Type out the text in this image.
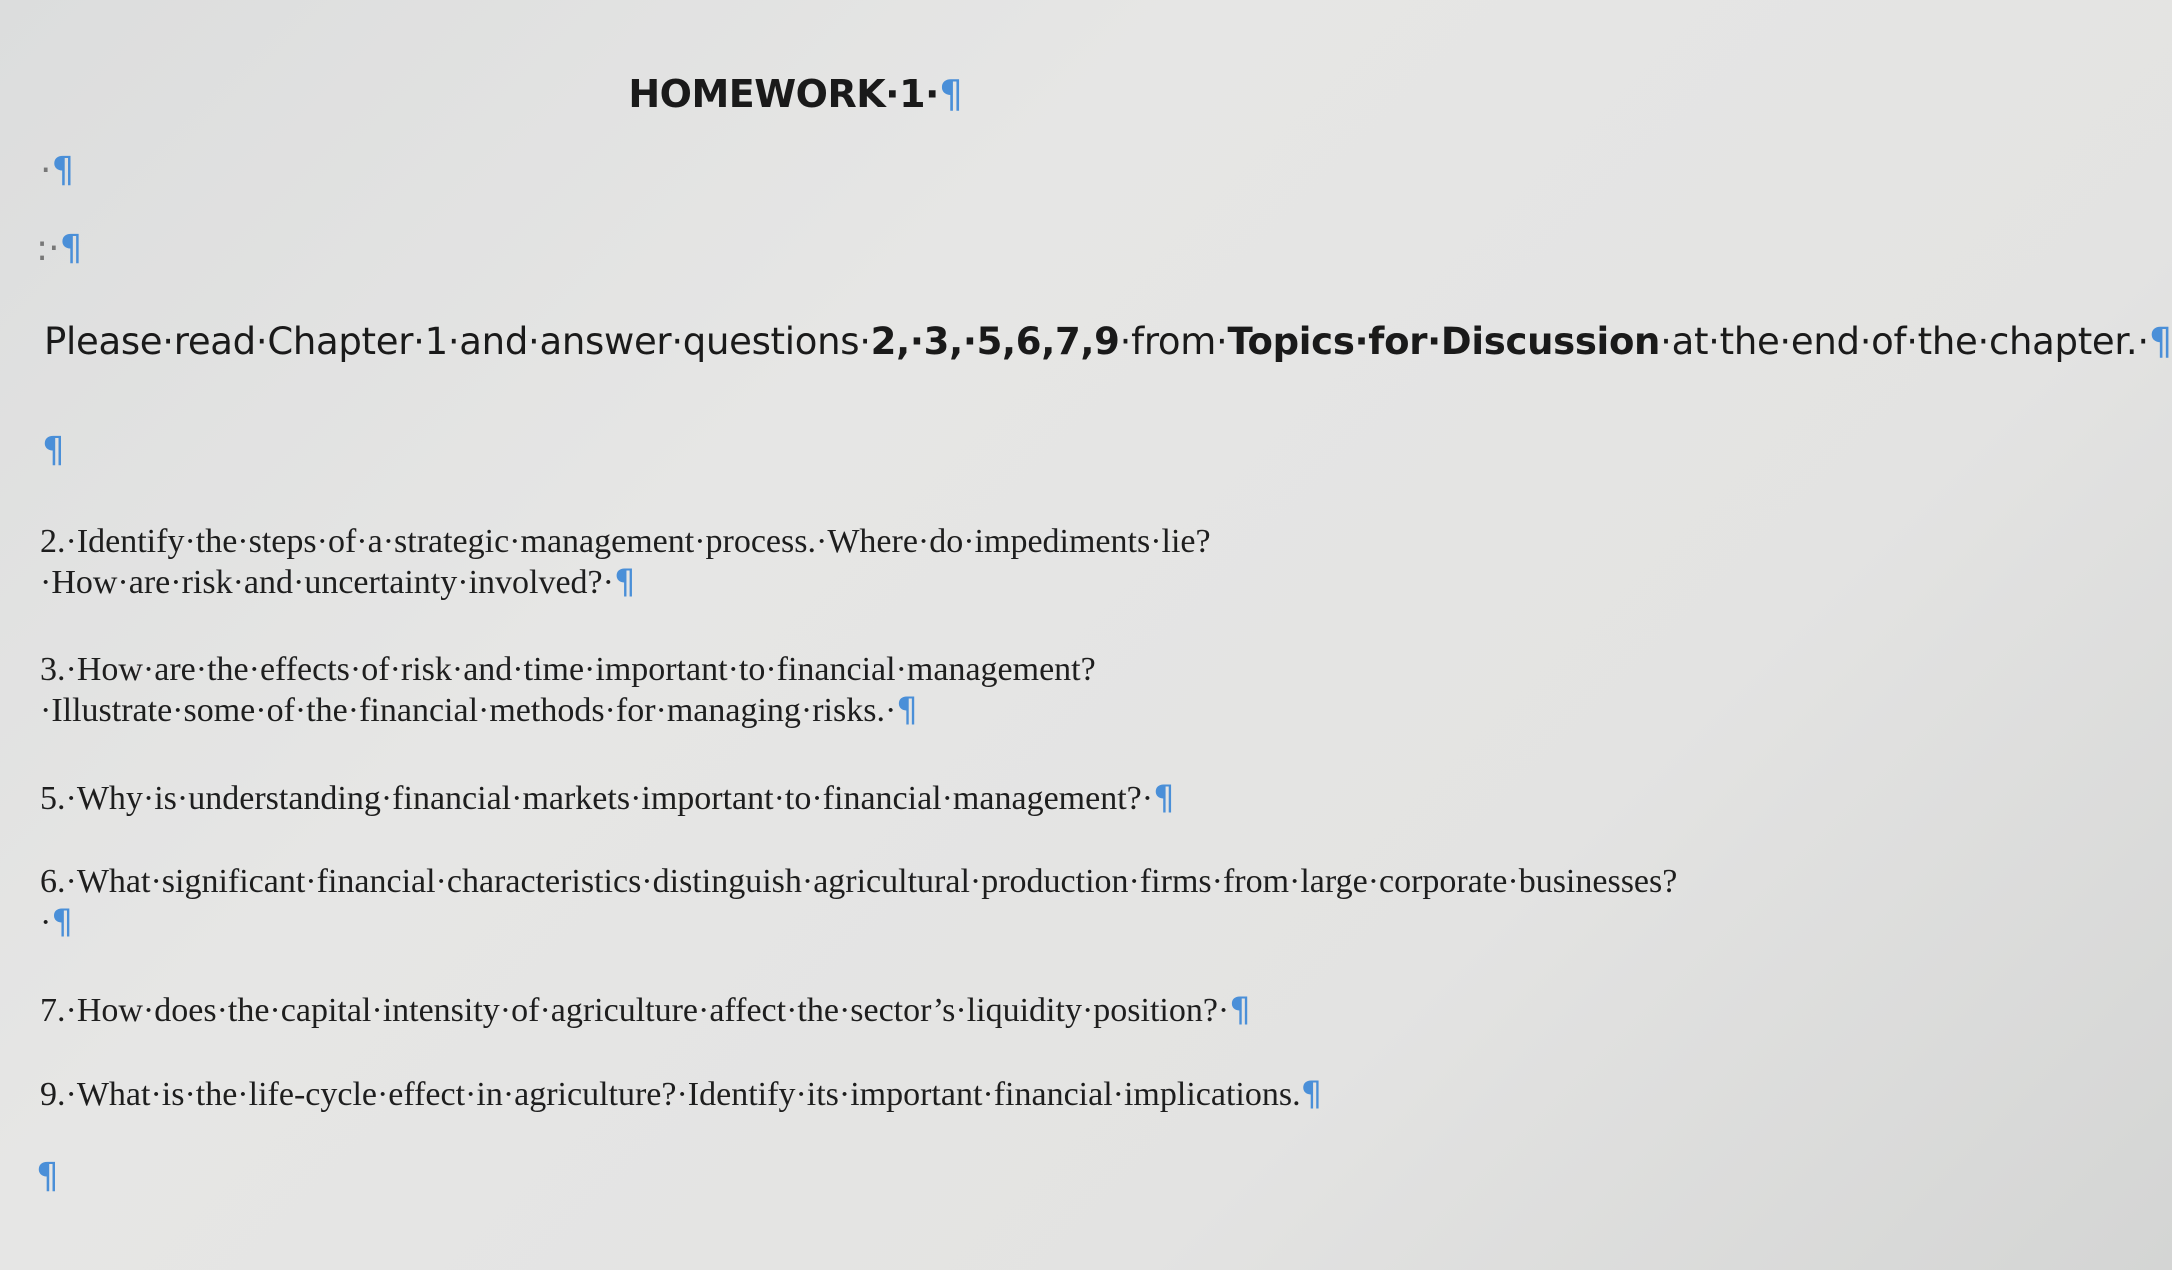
HOMEWORK·1·¶
·¶
:·¶
Please·read·Chapter·1·and·answer·questions·2,·3,·5,6,7,9·from·Topics·for·Discussion·at·the·end·of·the·chapter.·¶
¶
2.·Identify·the·steps·of·a·strategic·management·process.·Where·do·impediments·lie?·How·are·risk·and·uncertainty·involved?·¶
3.·How·are·the·effects·of·risk·and·time·important·to·financial·management?·Illustrate·some·of·the·financial·methods·for·managing·risks.·¶
5.·Why·is·understanding·financial·markets·important·to·financial·management?·¶
6.·What·significant·financial·characteristics·distinguish·agricultural·production·firms·from·large·corporate·businesses?·¶
7.·How·does·the·capital·intensity·of·agriculture·affect·the·sector’s·liquidity·position?·¶
9.·What·is·the·life-cycle·effect·in·agriculture?·Identify·its·important·financial·implications.¶
¶
